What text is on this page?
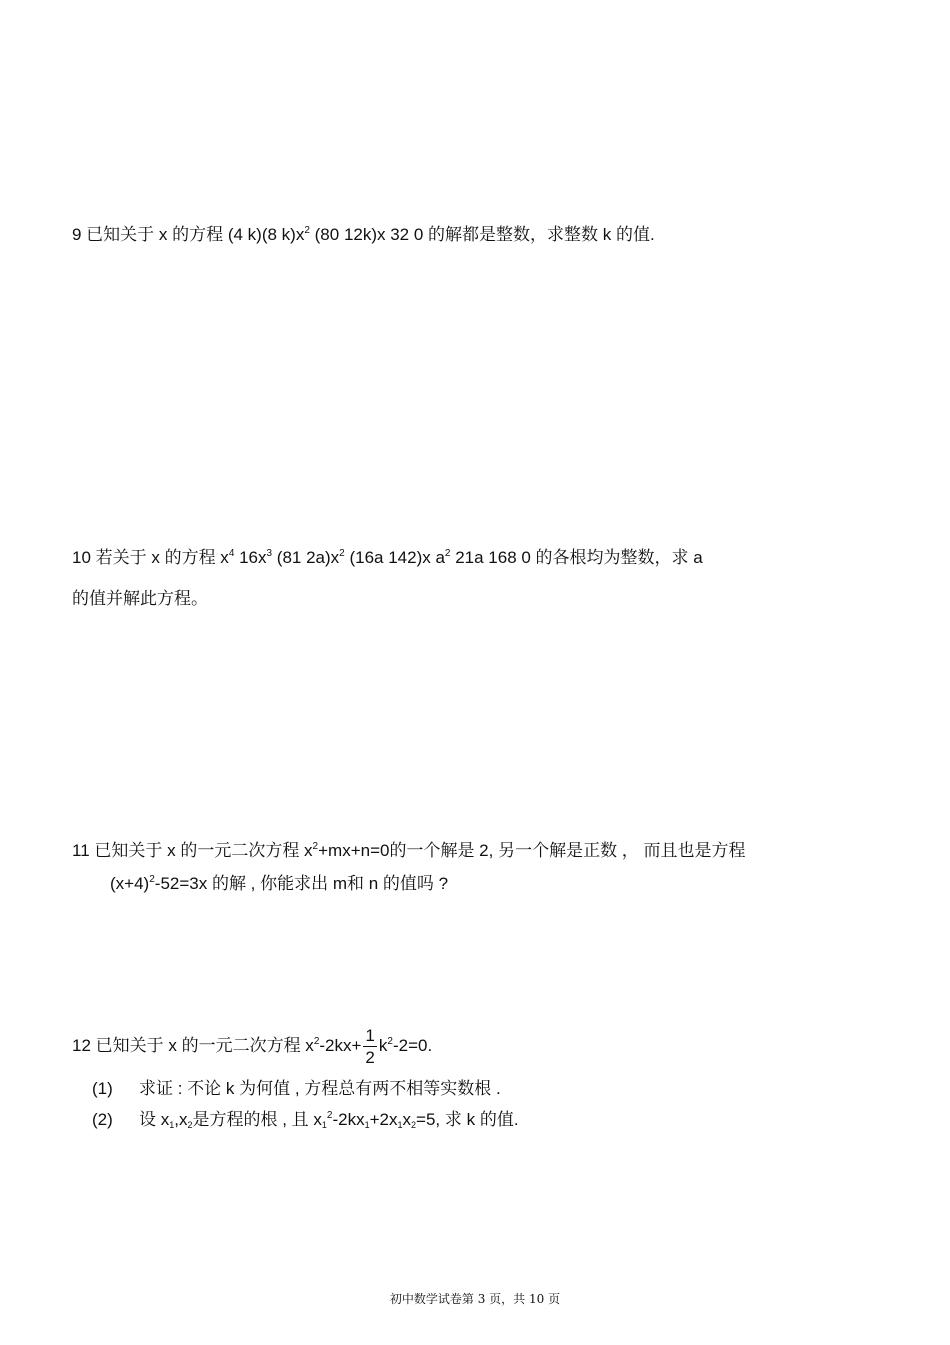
9 已知关于 x 的方程 (4 k)(8 $k)x^2$ (80 12k)x 32 0 的解都是整数，求整数 k 的值.
10 若关于 x 的方程 $x^4$ $16x^3$ (81 $2a)x^2$ (16a 142)x $a^2$ 21a 168 0 的各根均为整数，求 a
的值并解此方程。
11 已知关于 x 的一元二次方程 $x^2+mx+n=0$的一个解是 2, 另一个解是正数 ， 而且也是方程
$(x+4)^2-52=3x$ 的解 , 你能求出 m和 n 的值吗 ?
12 已知关于 x 的一元二次方程 $x^2-2kx+ \frac{1}{2} k^2-2=0$.
(1) 求证 : 不论 k 为何值 , 方程总有两不相等实数根 .
(2) 设 $x_1,x_2$是方程的根 , 且 $x_1^2-2kx_1+2x_1x_2=5$, 求 k 的值.
初中数学试卷第 3 页，共 10 页
